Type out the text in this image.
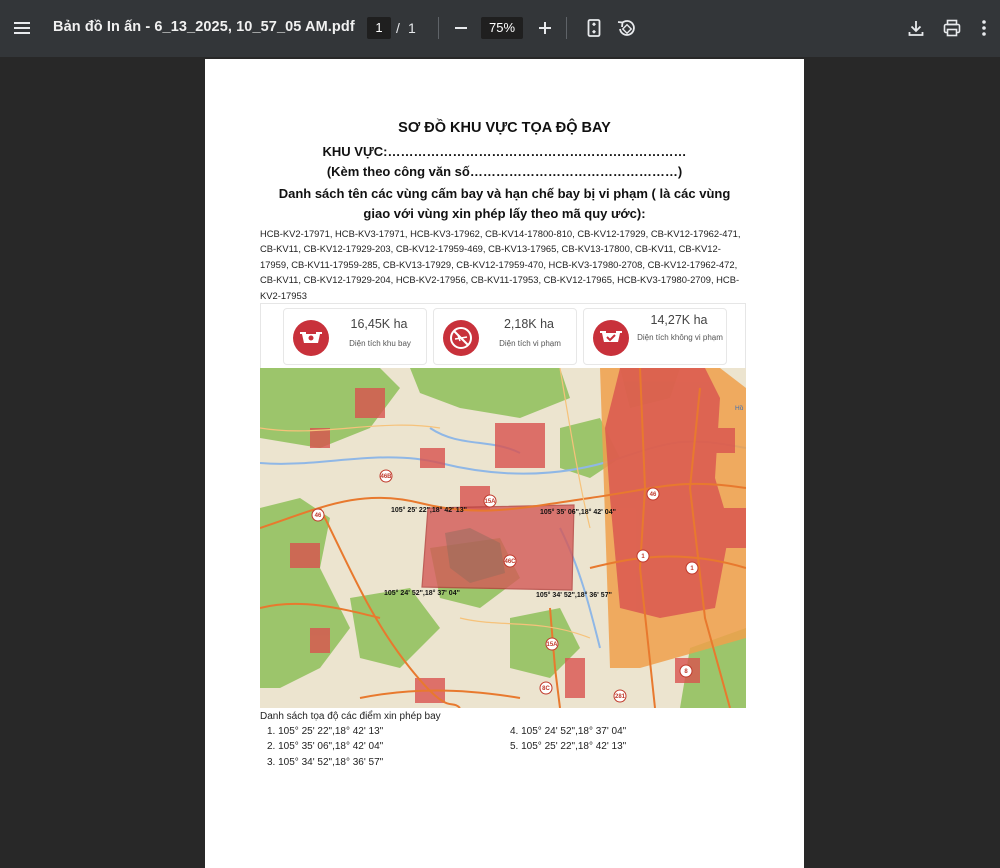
Bản đồ In ấn - 6_13_2025, 10_57_05 AM.pdf	1 / 1	75%
SƠ ĐỒ KHU VỰC TỌA ĐỘ BAY
KHU VỰC:……………………………………………………………
(Kèm theo công văn số…………………………………………)
Danh sách tên các vùng cấm bay và hạn chế bay bị vi phạm ( là các vùng
giao với vùng xin phép lấy theo mã quy ước):
HCB-KV2-17971, HCB-KV3-17971, HCB-KV3-17962, CB-KV14-17800-810, CB-KV12-17929, CB-KV12-17962-471, CB-KV11, CB-KV12-17929-203, CB-KV12-17959-469, CB-KV13-17965, CB-KV13-17800, CB-KV11, CB-KV12-17959, CB-KV11-17959-285, CB-KV13-17929, CB-KV12-17959-470, HCB-KV3-17980-2708, CB-KV12-17962-472, CB-KV11, CB-KV12-17929-204, HCB-KV2-17956, CB-KV11-17953, CB-KV12-17965, HCB-KV3-17980-2709, HCB-KV2-17953
16,45K ha
Diện tích khu bay
2,18K ha
Diện tích vi phạm
14,27K ha
Diện tích không vi phạm
46B
46
15A
46C
46
1
1
15A
8C
281
8
Hồ
105° 25' 22",18° 42' 13"	105° 35' 06",18° 42' 04"
105° 24' 52",18° 37' 04"	105° 34' 52",18° 36' 57"
Danh sách tọa độ các điểm xin phép bay
1. 105° 25' 22",18° 42' 13"
2. 105° 35' 06",18° 42' 04"
3. 105° 34' 52",18° 36' 57"
4. 105° 24' 52",18° 37' 04"
5. 105° 25' 22",18° 42' 13"
